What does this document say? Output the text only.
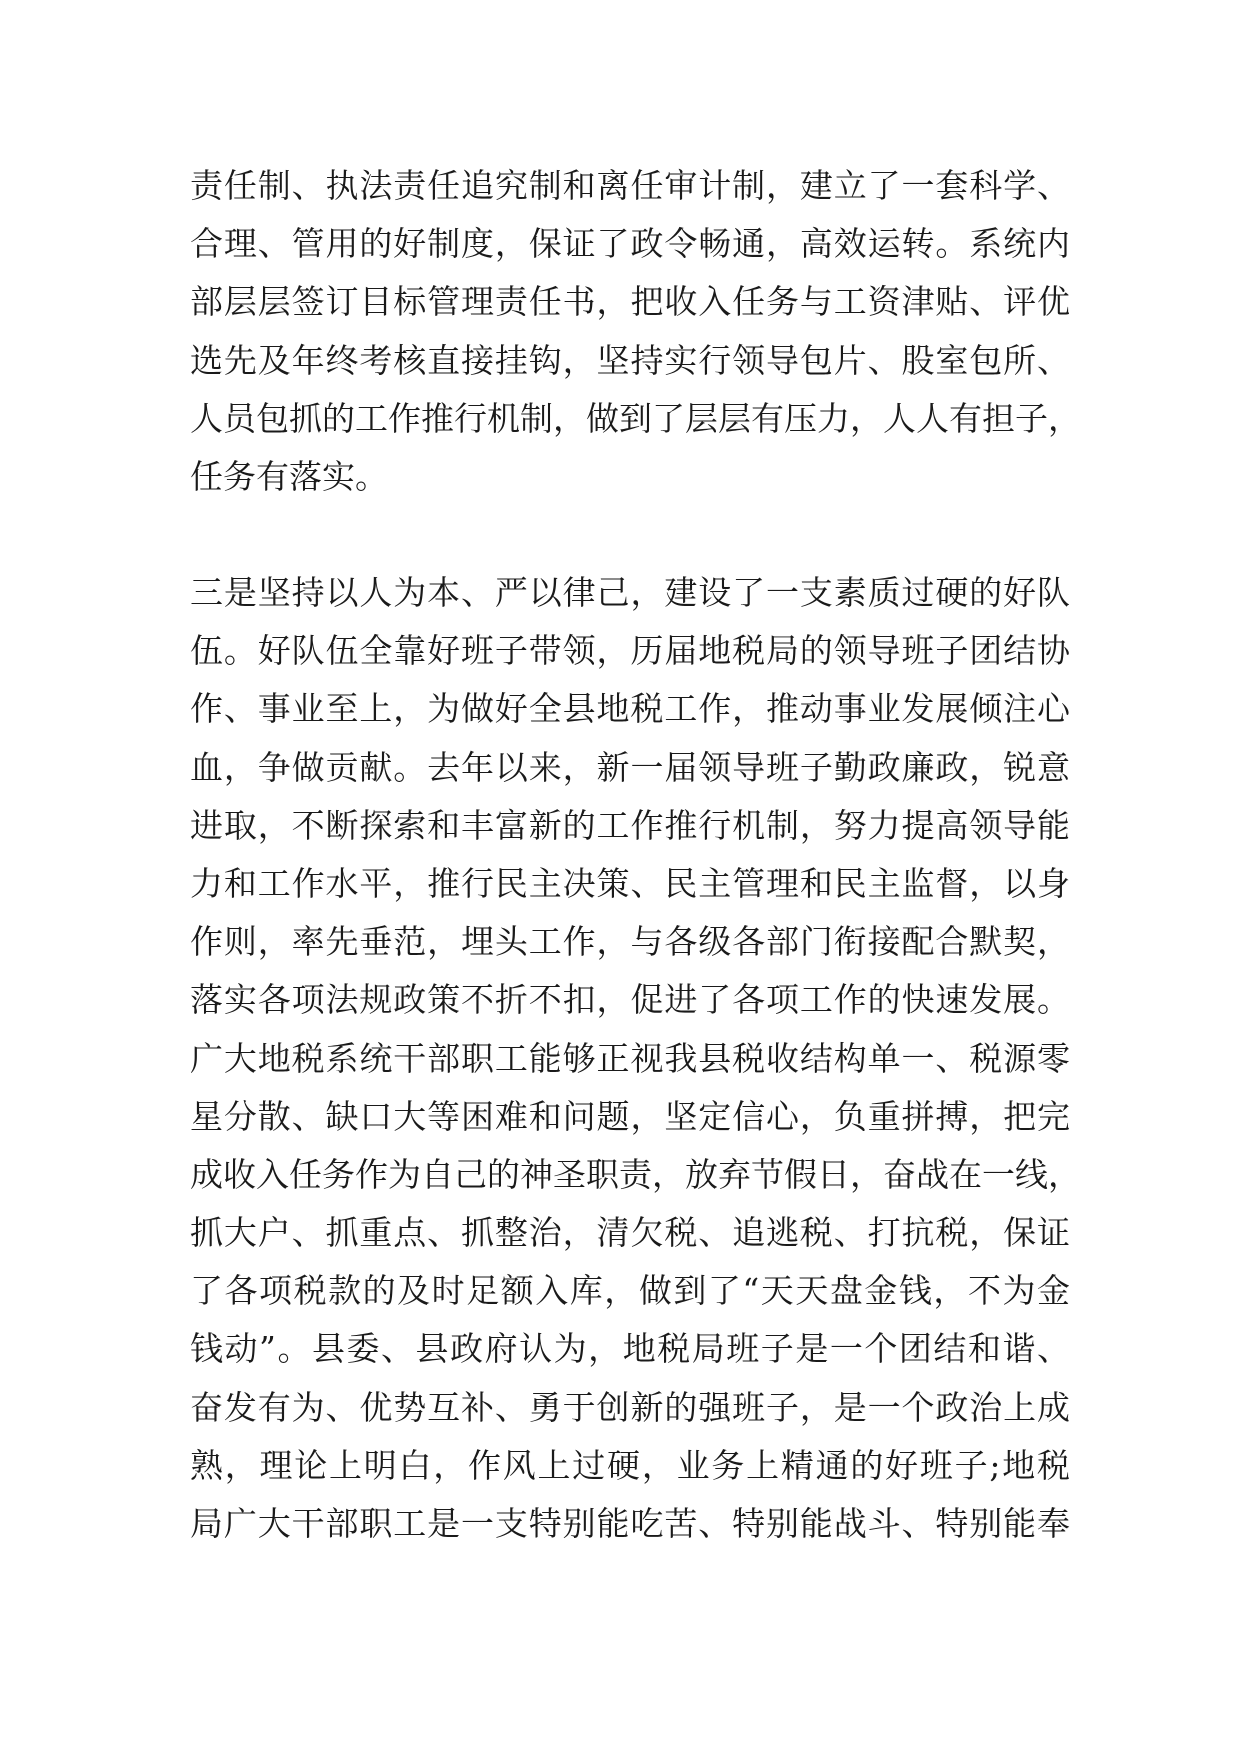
责任制、执法责任追究制和离任审计制，建立了一套科学、
合理、管用的好制度，保证了政令畅通，高效运转。系统内
部层层签订目标管理责任书，把收入任务与工资津贴、评优
选先及年终考核直接挂钩，坚持实行领导包片、股室包所、
人员包抓的工作推行机制，做到了层层有压力，人人有担子，
任务有落实。
三是坚持以人为本、严以律己，建设了一支素质过硬的好队
伍。好队伍全靠好班子带领，历届地税局的领导班子团结协
作、事业至上，为做好全县地税工作，推动事业发展倾注心
血，争做贡献。去年以来，新一届领导班子勤政廉政，锐意
进取，不断探索和丰富新的工作推行机制，努力提高领导能
力和工作水平，推行民主决策、民主管理和民主监督，以身
作则，率先垂范，埋头工作，与各级各部门衔接配合默契，
落实各项法规政策不折不扣，促进了各项工作的快速发展。
广大地税系统干部职工能够正视我县税收结构单一、税源零
星分散、缺口大等困难和问题，坚定信心，负重拼搏，把完
成收入任务作为自己的神圣职责，放弃节假日，奋战在一线，
抓大户、抓重点、抓整治，清欠税、追逃税、打抗税，保证
了各项税款的及时足额入库，做到了“天天盘金钱，不为金
钱动”。县委、县政府认为，地税局班子是一个团结和谐、
奋发有为、优势互补、勇于创新的强班子，是一个政治上成
熟，理论上明白，作风上过硬，业务上精通的好班子;地税
局广大干部职工是一支特别能吃苦、特别能战斗、特别能奉
